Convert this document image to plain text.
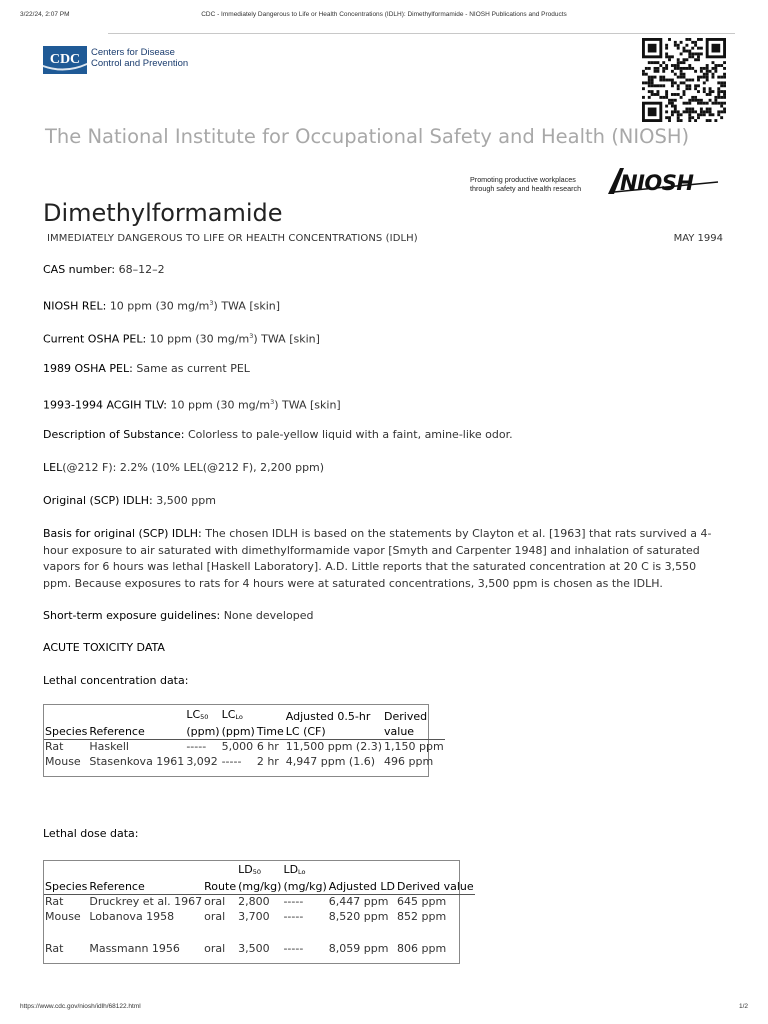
3/22/24, 2:07 PM	CDC - Immediately Dangerous to Life or Health Concentrations (IDLH): Dimethylformamide - NIOSH Publications and Products
CDC Centers for Disease
Control and Prevention
The National Institute for Occupational Safety and Health (NIOSH)
Promoting productive workplaces
through safety and health research NIOSH
Dimethylformamide
IMMEDIATELY DANGEROUS TO LIFE OR HEALTH CONCENTRATIONS (IDLH)	MAY 1994
CAS number: 68–12–2
NIOSH REL: 10 ppm (30 $mg/m^3$) TWA [skin]
Current OSHA PEL: 10 ppm (30 $mg/m^3$) TWA [skin]
1989 OSHA PEL: Same as current PEL
1993-1994 ACGIH TLV: 10 ppm (30 $mg/m^3$) TWA [skin]
Description of Substance: Colorless to pale-yellow liquid with a faint, amine-like odor.
LEL(@212 F): 2.2% (10% LEL(@212 F), 2,200 ppm)
Original (SCP) IDLH: 3,500 ppm

Basis for original (SCP) IDLH: The chosen IDLH is based on the statements by Clayton et al. [1963] that rats survived a 4-hour exposure to air saturated with dimethylformamide vapor [Smyth and Carpenter 1948] and inhalation of saturated vapors for 6 hours was lethal [Haskell Laboratory]. A.D. Little reports that the saturated concentration at 20 C is 3,550 ppm. Because exposures to rats for 4 hours were at saturated concentrations, 3,500 ppm is chosen as the IDLH.

Short-term exposure guidelines: None developed
ACUTE TOXICITY DATA
Lethal concentration data:
Species	Reference	$LC_{50}$
(ppm)	$LC_{Lo}$
(ppm)	Time	Adjusted 0.5-hr
LC (CF)	Derived
value
Rat	Haskell	-----	5,000	6 hr	11,500 ppm (2.3)	1,150 ppm
Mouse	Stasenkova 1961	3,092	-----	2 hr	4,947 ppm (1.6)	496 ppm
Lethal dose data:
Species	Reference	Route	$LD_{50}$
(mg/kg)	$LD_{Lo}$
(mg/kg)	Adjusted LD	Derived value
Rat	Druckrey et al. 1967	oral	2,800	-----	6,447 ppm	645 ppm
Mouse	Lobanova 1958	oral	3,700	-----	8,520 ppm	852 ppm

Rat	Massmann 1956	oral	3,500	-----	8,059 ppm	806 ppm
https://www.cdc.gov/niosh/idlh/68122.html	1/2
